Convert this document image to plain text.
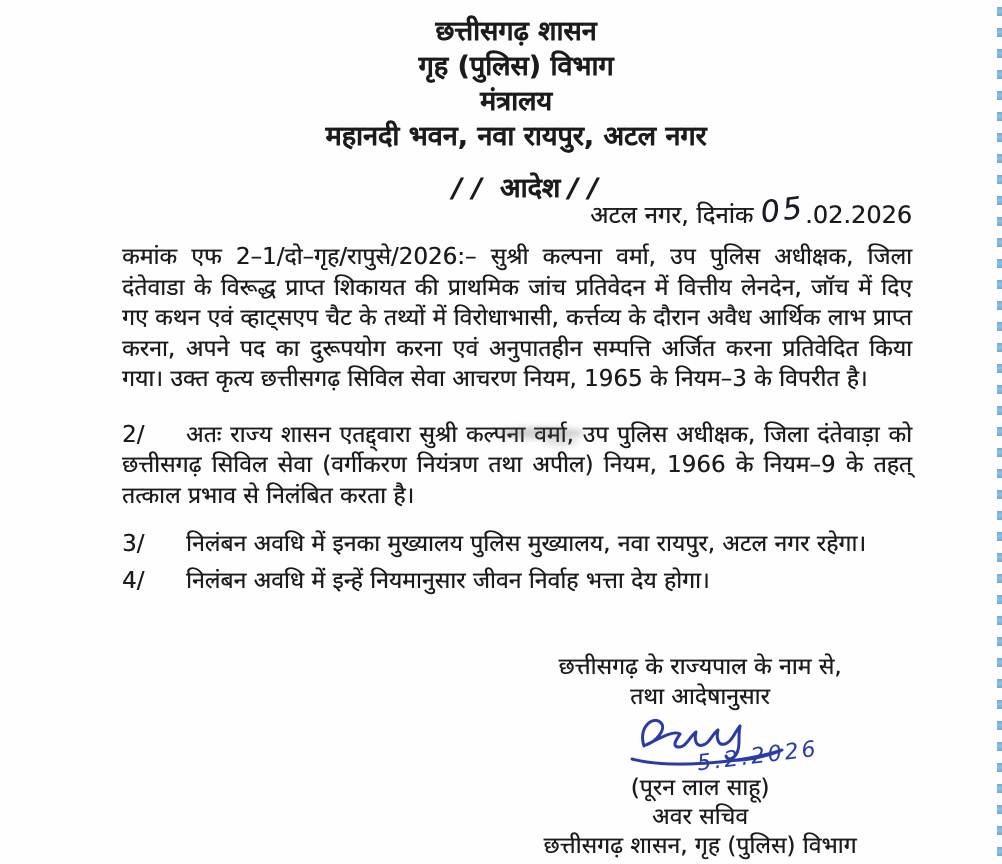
छत्तीसगढ़ शासन
गृह (पुलिस) विभाग
मंत्रालय
महानदी भवन, नवा रायपुर, अटल नगर
// आदेश //
अटल नगर, दिनांक 05.02.2026

कमांक एफ 2–1/दो–गृह/रापुसे/2026:– सुश्री कल्पना वर्मा, उप पुलिस अधीक्षक, जिला दंतेवाडा के विरूद्ध प्राप्त शिकायत की प्राथमिक जांच प्रतिवेदन में वित्तीय लेनदेन, जॉच में दिए गए कथन एवं व्हाट्सएप चैट के तथ्यों में विरोधाभासी, कर्त्तव्य के दौरान अवैध आर्थिक लाभ प्राप्त करना, अपने पद का दुरूपयोग करना एवं अनुपातहीन सम्पत्ति अर्जित करना प्रतिवेदित किया गया। उक्त कृत्य छत्तीसगढ़ सिविल सेवा आचरण नियम, 1965 के नियम–3 के विपरीत है।

2/ अतः राज्य शासन एतद्द्वारा सुश्री कल्पना वर्मा, उप पुलिस अधीक्षक, जिला दंतेवाड़ा को छत्तीसगढ़ सिविल सेवा (वर्गीकरण नियंत्रण तथा अपील) नियम, 1966 के नियम–9 के तहत् तत्काल प्रभाव से निलंबित करता है।

3/ निलंबन अवधि में इनका मुख्यालय पुलिस मुख्यालय, नवा रायपुर, अटल नगर रहेगा।

4/ निलंबन अवधि में इन्हें नियमानुसार जीवन निर्वाह भत्ता देय होगा।

छत्तीसगढ़ के राज्यपाल के नाम से,
तथा आदेषानुसार
5.2.2026
(पूरन लाल साहू)
अवर सचिव
छत्तीसगढ़ शासन, गृह (पुलिस) विभाग
